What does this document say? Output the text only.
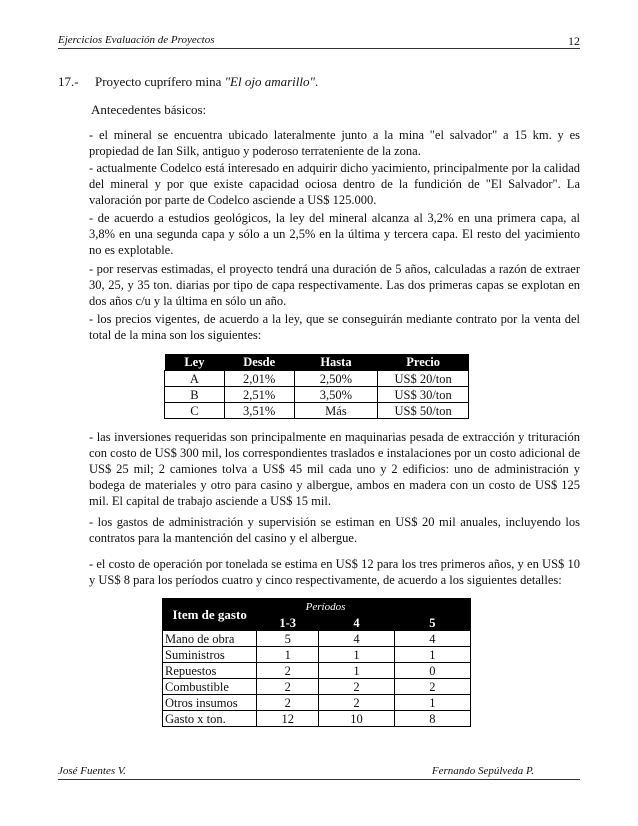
Ejercicios Evaluación de Proyectos	12
17.- Proyecto cuprífero mina "El ojo amarillo".
Antecedentes básicos:

- el mineral se encuentra ubicado lateralmente junto a la mina "el salvador" a 15 km. y es propiedad de Ian Silk, antiguo y poderoso terrateniente de la zona.

- actualmente Codelco está interesado en adquirir dicho yacimiento, principalmente por la calidad del mineral y por que existe capacidad ociosa dentro de la fundición de "El Salvador". La valoración por parte de Codelco asciende a US$ 125.000.

- de acuerdo a estudios geológicos, la ley del mineral alcanza al 3,2% en una primera capa, al 3,8% en una segunda capa y sólo a un 2,5% en la última y tercera capa. El resto del yacimiento no es explotable.

- por reservas estimadas, el proyecto tendrá una duración de 5 años, calculadas a razón de extraer 30, 25, y 35 ton. diarias por tipo de capa respectivamente. Las dos primeras capas se explotan en dos años c/u y la última en sólo un año.

- los precios vigentes, de acuerdo a la ley, que se conseguirán mediante contrato por la venta del total de la mina son los siguientes:

Ley	Desde	Hasta	Precio
A	2,01%	2,50%	US$ 20/ton
B	2,51%	3,50%	US$ 30/ton
C	3,51%	Más	US$ 50/ton

- las inversiones requeridas son principalmente en maquinarias pesada de extracción y trituración con costo de US$ 300 mil, los correspondientes traslados e instalaciones por un costo adicional de US$ 25 mil; 2 camiones tolva a US$ 45 mil cada uno y 2 edificios: uno de administración y bodega de materiales y otro para casino y albergue, ambos en madera con un costo de US$ 125 mil. El capital de trabajo asciende a US$ 15 mil.

- los gastos de administración y supervisión se estiman en US$ 20 mil anuales, incluyendo los contratos para la mantención del casino y el albergue.

- el costo de operación por tonelada se estima en US$ 12 para los tres primeros años, y en US$ 10 y US$ 8 para los períodos cuatro y cinco respectivamente, de acuerdo a los siguientes detalles:

Item de gasto	Períodos		
	1-3	4	5
Mano de obra	5	4	4
Suministros	1	1	1
Repuestos	2	1	0
Combustible	2	2	2
Otros insumos	2	2	1
Gasto x ton.	12	10	8
José Fuentes V.	Fernando Sepúlveda P.
